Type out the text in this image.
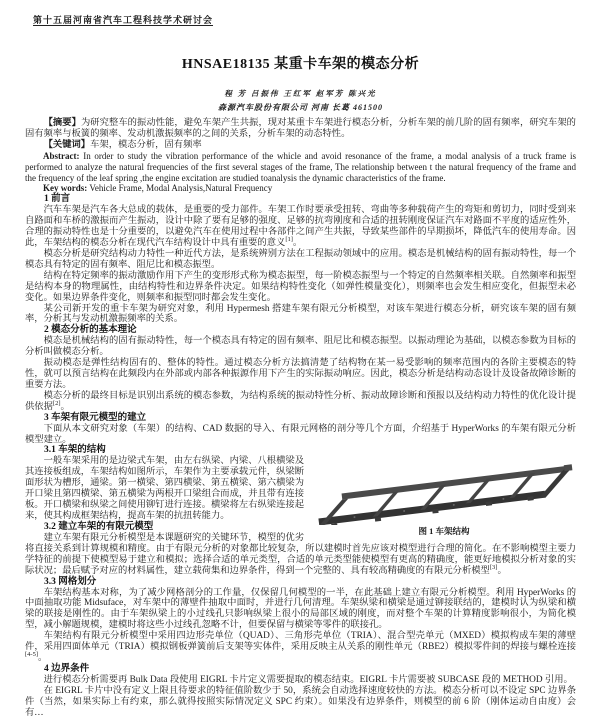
第十五届河南省汽车工程科技学术研讨会
HNSAE18135 某重卡车架的模态分析
程 芳 吕振伟 王红军 赵军芳 陈兴光
森源汽车股份有限公司 河南 长葛 461500

【摘要】为研究整车的振动性能，避免车架产生共振，现对某重卡车架进行模态分析，分析车架的前几阶的固有频率，研究车架的固有频率与板簧的频率、发动机激振频率的之间的关系，分析车架的动态特性。

【关键词】车架，模态分析，固有频率

Abstract: In order to study the vibration performance of the whicle and avoid resonance of the frame, a modal analysis of a truck frame is performed to analyze the natural frequencies of the first several stages of the frame, The relationship between t the natural frequency of the frame and the frequency of the leaf spring ,the engine excitation are studied toanalysis the dynamic characteristics of the frame.

Key words: Vehicle Frame, Modal Analysis,Natural Frequency

1 前言

汽车车架是汽车各大总成的载体，是重要的受力部件。车架工作时要承受扭转、弯曲等多种载荷产生的弯矩和剪切力，同时受到来自路面和车桥的激振而产生振动，设计中除了要有足够的强度、足够的抗弯刚度和合适的扭转刚度保证汽车对路面不平度的适应性外，合理的振动特性也是十分重要的，以避免汽车在使用过程中各部件之间产生共振，导致某些部件的早期损坏，降低汽车的使用寿命。因此，车架结构的模态分析在现代汽车结构设计中具有重要的意义[1]。

模态分析是研究结构动力特性一种近代方法，是系统辨别方法在工程振动领域中的应用。模态是机械结构的固有振动特性，每一个模态具有特定的固有频率、阻尼比和模态振型。

结构在特定频率的振动激励作用下产生的变形形式称为模态振型，每一阶模态振型与一个特定的自然频率相关联。自然频率和振型是结构本身的物理属性，由结构特性和边界条件决定。如果结构特性变化（如弹性模量变化），则频率也会发生相应变化，但振型未必变化。如果边界条件变化，则频率和振型同时都会发生变化。

某公司新开发的重卡车架为研究对象，利用 Hypermesh 搭建车架有限元分析模型，对该车架进行模态分析，研究该车架的固有频率，分析其与发动机激振频率的关系。

2 模态分析的基本理论

模态是机械结构的固有振动特性，每一个模态具有特定的固有频率、阻尼比和模态振型。以振动理论为基础，以模态参数为目标的分析叫做模态分析。

振动模态是弹性结构固有的、整体的特性。通过模态分析方法搞清楚了结构物在某一易受影响的频率范围内的各阶主要模态的特性，就可以预言结构在此频段内在外部或内部各种振源作用下产生的实际振动响应。因此，模态分析是结构动态设计及设备故障诊断的重要方法。

模态分析的最终目标是识别出系统的模态参数，为结构系统的振动特性分析、振动故障诊断和预报以及结构动力特性的优化设计提供依据[2]。

3 车架有限元模型的建立

下面从本文研究对象（车架）的结构、CAD 数据的导入、有限元网格的剖分等几个方面，介绍基于 HyperWorks 的车架有限元分析模型建立。

3.1 车架的结构
图 1 车架结构

一般车架采用的是边梁式车架，由左右纵梁、内梁、八根横梁及其连接板组成，车架结构如图所示，车架作为主要承载元件，纵梁断面形状为槽形，通梁。第一横梁、第四横梁、第五横梁、第六横梁为开口梁且第四横梁、第五横梁为两根开口梁组合而成，并且带有连接板。开口横梁和纵梁之间使用铆钉进行连接。横梁将左右纵梁连接起来，使其构成框架结构，提高车架的抗扭转能力。

3.2 建立车架的有限元模型

建立车架有限元分析模型是本课题研究的关键环节，模型的优劣将直接关系到计算规模和精度。由于有限元分析的对象都比较复杂，所以建模时首先应该对模型进行合理的简化。在不影响模型主要力学特征的前提下使模型易于建立和模拟；选择合适的单元类型，合适的单元类型能使模型有更高的精确度，能更好地模拟分析对象的实际状况；最后赋予对应的材料属性，建立载荷集和边界条件，得到一个完整的、具有较高精确度的有限元分析模型[3]。

3.3 网格划分

车架结构基本对称，为了减少网格剖分的工作量，仅保留几何模型的一半，在此基础上建立有限元分析模型。利用 HyperWorks 的中面抽取功能 Midsuface，对车架中的薄壁件抽取中面时，并进行几何清理。车架纵梁和横梁是通过铆接联结的，建模时认为纵梁和横梁的联接是刚性的。由于车架纵梁上的小过线孔只影响纵梁上很小的局部区域的刚度，而对整个车架的计算精度影响很小，为简化模型，减小解题规模，建模时将这些小过线孔忽略不计，但要保留与横梁等零件的联接孔。

车架结构有限元分析模型中采用四边形壳单位（QUAD）、三角形壳单位（TRIA）、混合型壳单元（MXED）模拟构成车架的薄壁件，采用四面体单元（TRIA）模拟钢板弹簧前后支架等实体件，采用反映主从关系的刚性单元（RBE2）模拟零件间的焊接与螺栓连接[4-5]。

4 边界条件

进行模态分析需要再 Bulk Data 段使用 EIGRL 卡片定义需要提取的模态结束。EIGRL 卡片需要被 SUBCASE 段的 METHOD 引用。

在 EIGRL 卡片中没有定义上限且待要求的特征值阶数少于 50，系统会自动选择速度较快的方法。模态分析可以不设定 SPC 边界条件（当然，如果实际上有约束，那么就得按照实际情况定义 SPC 约束）。如果没有边界条件，则模型的前 6 阶（刚体运动自由度）会有…
